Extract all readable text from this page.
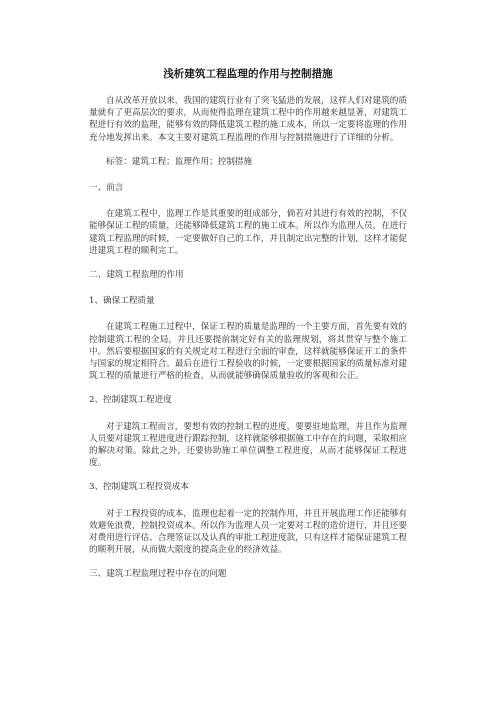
浅析建筑工程监理的作用与控制措施

自从改革开放以来，我国的建筑行业有了突飞猛进的发展，这样人们对建筑的质量就有了更高层次的要求，从而使得监理在建筑工程中的作用越来越显著，对建筑工程进行有效的监理，能够有效的降低建筑工程的施工成本，所以一定要将监理的作用充分地发挥出来。本文主要对建筑工程监理的作用与控制措施进行了详细的分析。

标签：建筑工程；监理作用；控制措施

一、前言

在建筑工程中，监理工作是其重要的组成部分，倘若对其进行有效的控制，不仅能够保证工程的质量，还能够降低建筑工程的施工成本。所以作为监理人员，在进行建筑工程监理的时候，一定要做好自己的工作，并且制定出完整的计划，这样才能促进建筑工程的顺利完工。

二、建筑工程监理的作用

1、确保工程质量

在建筑工程施工过程中，保证工程的质量是监理的一个主要方面，首先要有效的控制建筑工程的全局，并且还要提前制定好有关的监理规划，将其贯穿与整个施工中。然后要根据国家的有关规定对工程进行全面的审查，这样就能够保证开工的条件与国家的规定相符合。最后在进行工程验收的时候，一定要根据国家的质量标准对建筑工程的质量进行严格的检查，从而就能够确保质量验收的客观和公正。

2、控制建筑工程进度

对于建筑工程而言，要想有效的控制工程的进度，要要驻地监理，并且作为监理人员要对建筑工程进度进行跟踪控制，这样就能够根据施工中存在的问题，采取相应的解决对策。除此之外，还要协助施工单位调整工程进度，从而才能够保证工程进度。

3、控制建筑工程投资成本

对于工程投资的成本，监理也起着一定的控制作用，并且开展监理工作还能够有效避免浪费，控制投资成本。所以作为监理人员一定要对工程的造价进行，并且还要对费用进行评估、合理签证以及认真的审批工程进度款，只有这样才能保证建筑工程的顺利开展，从而做大限度的提高企业的经济效益。

三、建筑工程监理过程中存在的问题
